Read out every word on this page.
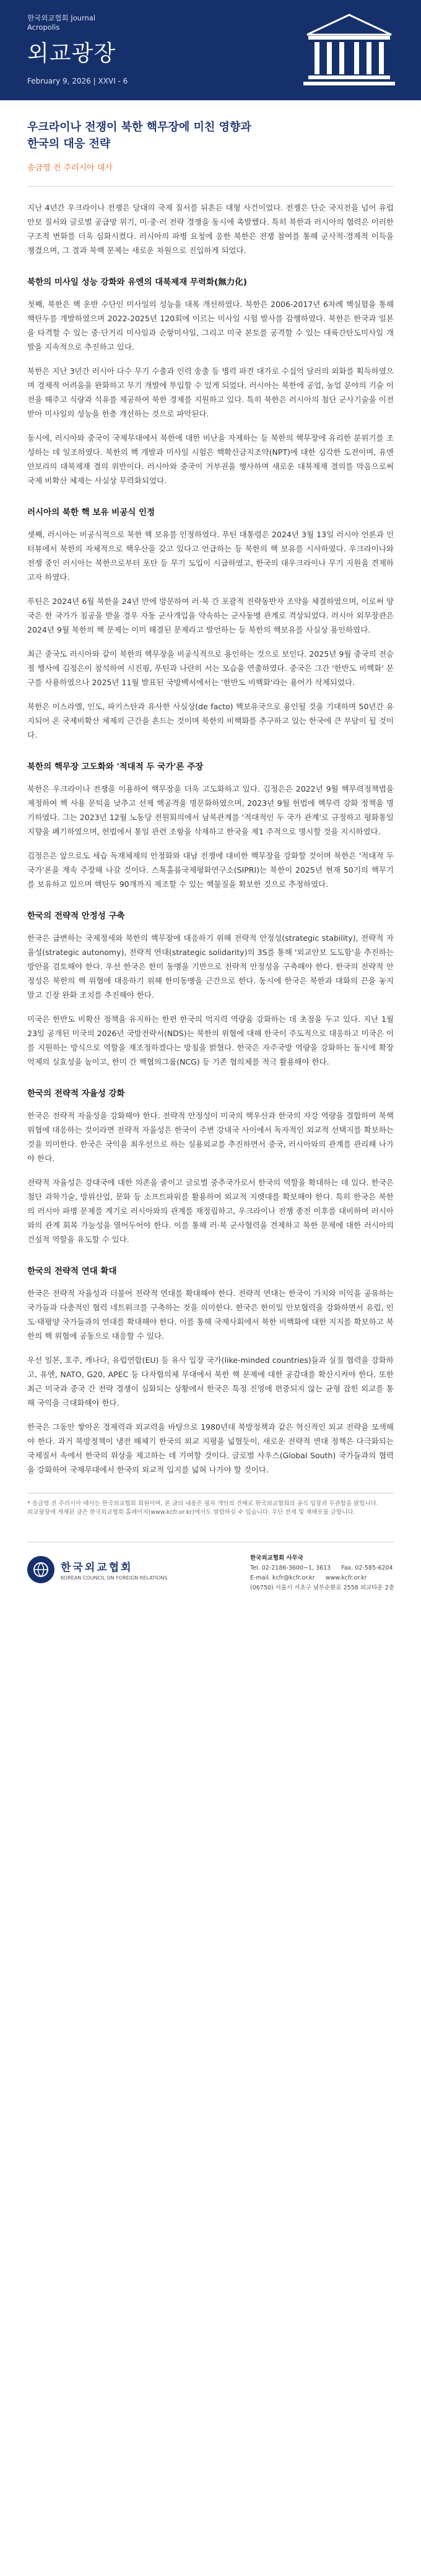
한국외교협회 Journal
Acropolis
외교광장
February 9, 2026 | XXVI - 6
우크라이나 전쟁이 북한 핵무장에 미친 영향과
한국의 대응 전략
송금영 전 주러시아 대사

지난 4년간 우크라이나 전쟁은 당대의 국제 질서를 뒤흔든 대형 사건이었다. 전쟁은 단순 국지전을 넘어 유럽 안보 질서와 글로벌 공급망 위기, 미·중·러 전략 경쟁을 동시에 촉발했다. 특히 북한과 러시아의 협력은 이러한 구조적 변화를 더욱 심화시켰다. 러시아의 파병 요청에 응한 북한은 전쟁 참여를 통해 군사적·경제적 이득을 챙겼으며, 그 결과 북핵 문제는 새로운 차원으로 진입하게 되었다.

북한의 미사일 성능 강화와 유엔의 대북제재 무력화(無力化)

첫째, 북한은 핵 운반 수단인 미사일의 성능을 대폭 개선하였다. 북한은 2006-2017년 6차례 핵실험을 통해 핵탄두를 개발하였으며 2022-2025년 120회에 이르는 미사일 시험 발사를 감행하였다. 북한은 한국과 일본을 타격할 수 있는 중·단거리 미사일과 순항미사일, 그리고 미국 본토를 공격할 수 있는 대륙간탄도미사일 개발을 지속적으로 추진하고 있다.

북한은 지난 3년간 러시아 다수 무기 수출과 인력 송출 등 병력 파견 대가로 수십억 달러의 외화를 획득하였으며 경제적 어려움을 완화하고 무기 개발에 투입할 수 있게 되었다. 러시아는 북한에 공업, 농업 분야의 기술 이전을 해주고 식량과 석유를 제공하여 북한 경제를 지원하고 있다. 특히 북한은 러시아의 첨단 군사기술을 이전받아 미사일의 성능을 한층 개선하는 것으로 파악된다.

동시에, 러시아와 중국이 국제무대에서 북한에 대한 비난을 자제하는 등 북한의 핵무장에 유리한 분위기를 조성하는 데 일조하였다. 북한의 핵 개발과 미사일 시험은 핵확산금지조약(NPT)에 대한 심각한 도전이며, 유엔안보리의 대북제재 결의 위반이다. 러시아와 중국이 거부권을 행사하며 새로운 대북제재 결의를 막음으로써 국제 비확산 체제는 사실상 무력화되었다.

러시아의 북한 핵 보유 비공식 인정

셋째, 러시아는 비공식적으로 북한 핵 보유를 인정하였다. 푸틴 대통령은 2024년 3월 13일 러시아 언론과 인터뷰에서 북한의 자체적으로 핵우산을 갖고 있다고 언급하는 등 북한의 핵 보유를 시사하였다. 우크라이나와 전쟁 중인 러시아는 북한으로부터 포탄 등 무기 도입이 시급하였고, 한국의 대우크라이나 무기 지원을 견제하고자 하였다.

푸틴은 2024년 6월 북한을 24년 만에 방문하여 러·북 간 포괄적 전략동반자 조약을 체결하였으며, 이로써 양국은 한 국가가 침공을 받을 경우 자동 군사개입을 약속하는 군사동맹 관계로 격상되었다. 러시아 외무장관은 2024년 9월 북한의 핵 문제는 이미 해결된 문제라고 발언하는 등 북한의 핵보유를 사실상 용인하였다.

최근 중국도 러시아와 같이 북한의 핵무장을 비공식적으로 용인하는 것으로 보인다. 2025년 9월 중국의 전승절 행사에 김정은이 참석하여 시진핑, 푸틴과 나란히 서는 모습을 연출하였다. 중국은 그간 '한반도 비핵화' 문구를 사용하였으나 2025년 11월 발표된 국방백서에서는 '한반도 비핵화'라는 용어가 삭제되었다.

북한은 이스라엘, 인도, 파키스탄과 유사한 사실상(de facto) 핵보유국으로 용인될 것을 기대하며 50년간 유지되어 온 국제비확산 체제의 근간을 흔드는 것이며 북한의 비핵화를 추구하고 있는 한국에 큰 부담이 될 것이다.

북한의 핵무장 고도화와 '적대적 두 국가'론 주장

북한은 우크라이나 전쟁을 이용하여 핵무장을 더욱 고도화하고 있다. 김정은은 2022년 9월 핵무력정책법을 제정하여 핵 사용 문턱을 낮추고 선제 핵공격을 명문화하였으며, 2023년 9월 헌법에 핵무력 강화 정책을 명기하였다. 그는 2023년 12월 노동당 전원회의에서 남북관계를 '적대적인 두 국가 관계'로 규정하고 평화통일 지향을 폐기하였으며, 헌법에서 통일 관련 조항을 삭제하고 한국을 제1 주적으로 명시할 것을 지시하였다.

김정은은 앞으로도 세습 독재체제의 안정화와 대남 전쟁에 대비한 핵무장을 강화할 것이며 북한은 '적대적 두 국가'론을 계속 주장해 나갈 것이다. 스톡홀름국제평화연구소(SIPRI)는 북한이 2025년 현재 50기의 핵무기를 보유하고 있으며 핵탄두 90개까지 제조할 수 있는 핵물질을 확보한 것으로 추정하였다.

한국의 전략적 안정성 구축

한국은 급변하는 국제정세와 북한의 핵무장에 대응하기 위해 전략적 안정성(strategic stability), 전략적 자율성(strategic autonomy), 전략적 연대(strategic solidarity)의 3S를 통해 '외교안보 도도함'을 추진하는 방안을 검토해야 한다. 우선 한국은 한미 동맹을 기반으로 전략적 안정성을 구축해야 한다. 한국의 전략적 안정성은 북한의 핵 위협에 대응하기 위해 한미동맹을 근간으로 한다. 동시에 한국은 북한과 대화의 끈을 놓지 말고 긴장 완화 조치를 추진해야 한다.

미국은 한반도 비확산 정책을 유지하는 한편 한국의 억지력 역량을 강화하는 데 초점을 두고 있다. 지난 1월 23일 공개된 미국의 2026년 국방전략서(NDS)는 북한의 위협에 대해 한국이 주도적으로 대응하고 미국은 이를 지원하는 방식으로 역할을 재조정하겠다는 방침을 밝혔다. 한국은 자주국방 역량을 강화하는 동시에 확장억제의 실효성을 높이고, 한미 간 핵협의그룹(NCG) 등 기존 협의체를 적극 활용해야 한다.

한국의 전략적 자율성 강화

한국은 전략적 자율성을 강화해야 한다. 전략적 안정성이 미국의 핵우산과 한국의 자강 역량을 결합하여 북핵 위협에 대응하는 것이라면 전략적 자율성은 한국이 주변 강대국 사이에서 독자적인 외교적 선택지를 확보하는 것을 의미한다. 한국은 국익을 최우선으로 하는 실용외교를 추진하면서 중국, 러시아와의 관계를 관리해 나가야 한다.

전략적 자율성은 강대국에 대한 의존을 줄이고 글로벌 중추국가로서 한국의 역할을 확대하는 데 있다. 한국은 첨단 과학기술, 방위산업, 문화 등 소프트파워를 활용하여 외교적 지렛대를 확보해야 한다. 특히 한국은 북한의 러시아 파병 문제를 계기로 러시아와의 관계를 재정립하고, 우크라이나 전쟁 종전 이후를 대비하여 러시아와의 관계 회복 가능성을 열어두어야 한다. 이를 통해 러·북 군사협력을 견제하고 북한 문제에 대한 러시아의 건설적 역할을 유도할 수 있다.

한국의 전략적 연대 확대

한국은 전략적 자율성과 더불어 전략적 연대를 확대해야 한다. 전략적 연대는 한국이 가치와 이익을 공유하는 국가들과 다층적인 협력 네트워크를 구축하는 것을 의미한다. 한국은 한미일 안보협력을 강화하면서 유럽, 인도·태평양 국가들과의 연대를 확대해야 한다. 이를 통해 국제사회에서 북한 비핵화에 대한 지지를 확보하고 북한의 핵 위협에 공동으로 대응할 수 있다.

우선 일본, 호주, 캐나다, 유럽연합(EU) 등 유사 입장 국가(like-minded countries)들과 실질 협력을 강화하고, 유엔, NATO, G20, APEC 등 다자협의체 무대에서 북한 핵 문제에 대한 공감대를 확산시켜야 한다. 또한 최근 미국과 중국 간 전략 경쟁이 심화되는 상황에서 한국은 특정 진영에 편중되지 않는 균형 잡힌 외교를 통해 국익을 극대화해야 한다.

한국은 그동안 쌓아온 경제력과 외교력을 바탕으로 1980년대 북방정책과 같은 혁신적인 외교 전략을 모색해야 한다. 과거 북방정책이 냉전 해체기 한국의 외교 지평을 넓혔듯이, 새로운 전략적 연대 정책은 다극화되는 국제질서 속에서 한국의 위상을 제고하는 데 기여할 것이다. 글로벌 사우스(Global South) 국가들과의 협력을 강화하여 국제무대에서 한국의 외교적 입지를 넓혀 나가야 할 것이다.

* 송금영 전 주러시아 대사는 한국외교협회 회원이며, 본 글의 내용은 필자 개인의 견해로 한국외교협회의 공식 입장과 무관함을 밝힙니다.

외교광장에 게재된 글은 한국외교협회 홈페이지(www.kcfr.or.kr)에서도 열람하실 수 있습니다. 무단 전재 및 재배포를 금합니다.

한국외교협회
KOREAN COUNCIL ON FOREIGN RELATIONS
한국외교협회 사무국
Tel. 02-2186-3600~1, 3613 Fax. 02-585-6204
E-mail. kcfr@kcfr.or.kr www.kcfr.or.kr
(06750) 서울시 서초구 남부순환로 2558 외교타운 2층
